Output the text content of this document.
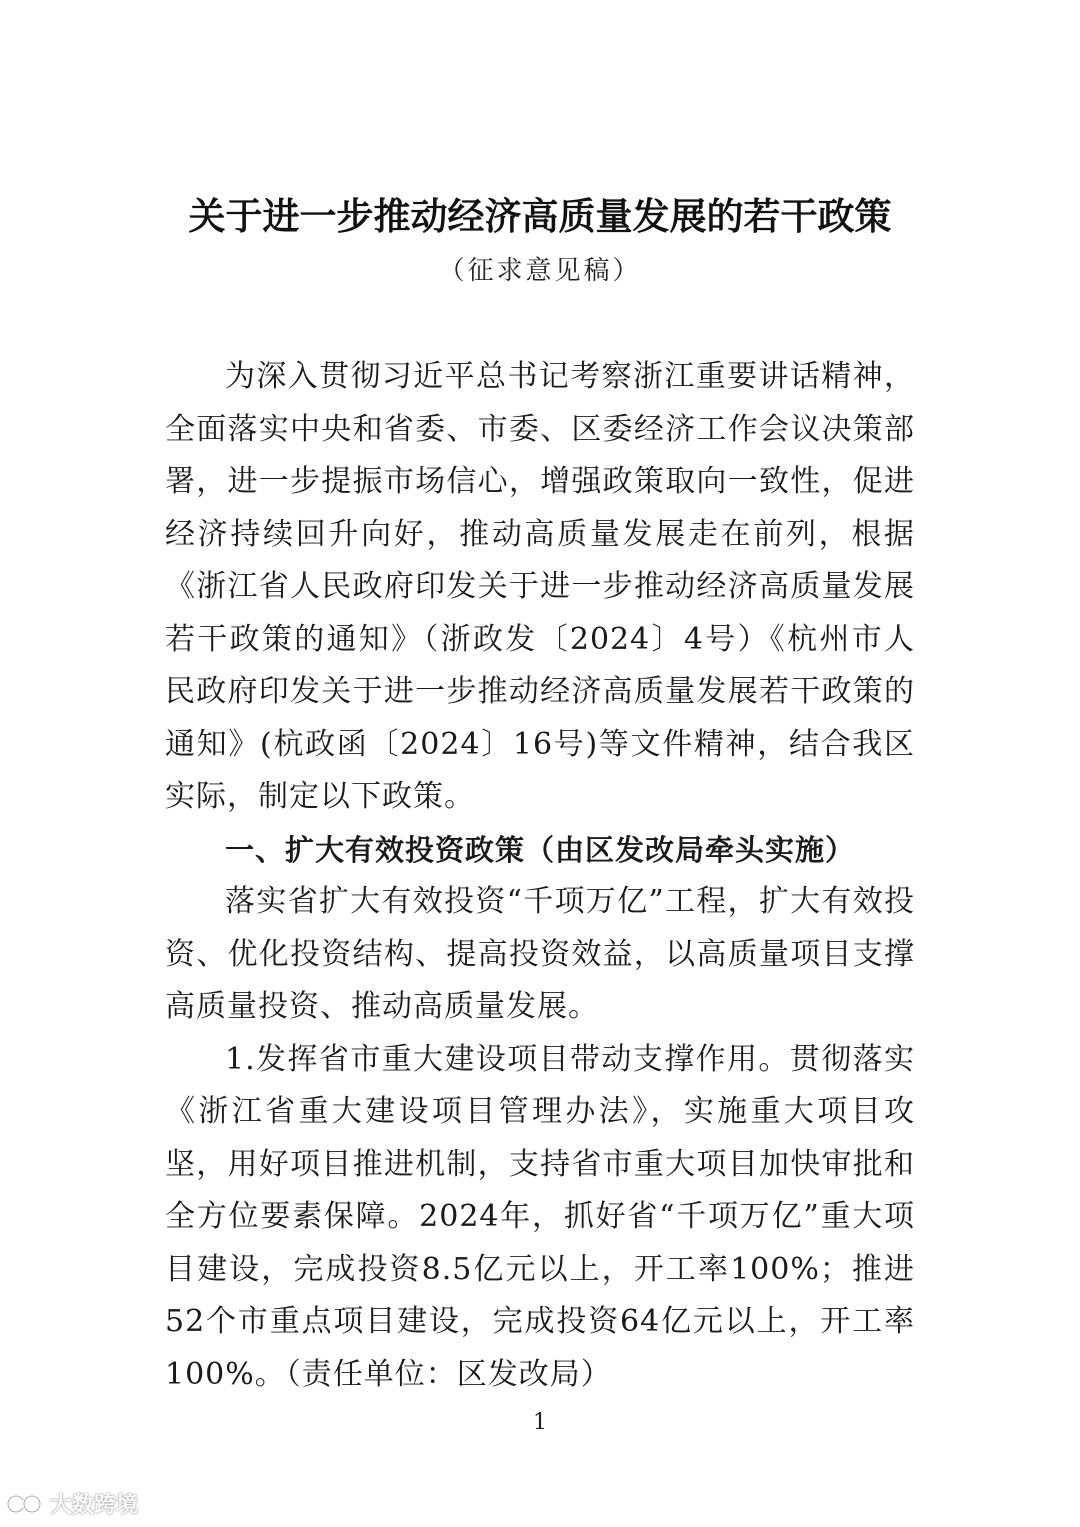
关于进一步推动经济高质量发展的若干政策
（征求意见稿）

为深入贯彻习近平总书记考察浙江重要讲话精神，全面落实中央和省委、市委、区委经济工作会议决策部署，进一步提振市场信心，增强政策取向一致性，促进经济持续回升向好，推动高质量发展走在前列，根据《浙江省人民政府印发关于进一步推动经济高质量发展若干政策的通知》（浙政发〔2024〕4号）《杭州市人民政府印发关于进一步推动经济高质量发展若干政策的通知》(杭政函〔2024〕16号)等文件精神，结合我区实际，制定以下政策。

一、扩大有效投资政策（由区发改局牵头实施）

落实省扩大有效投资“千项万亿”工程，扩大有效投资、优化投资结构、提高投资效益，以高质量项目支撑高质量投资、推动高质量发展。

1.发挥省市重大建设项目带动支撑作用。贯彻落实《浙江省重大建设项目管理办法》，实施重大项目攻坚，用好项目推进机制，支持省市重大项目加快审批和全方位要素保障。2024年，抓好省“千项万亿”重大项目建设，完成投资8.5亿元以上，开工率100%；推进52个市重点项目建设，完成投资64亿元以上，开工率100%。（责任单位：区发改局）

1
大数跨境
